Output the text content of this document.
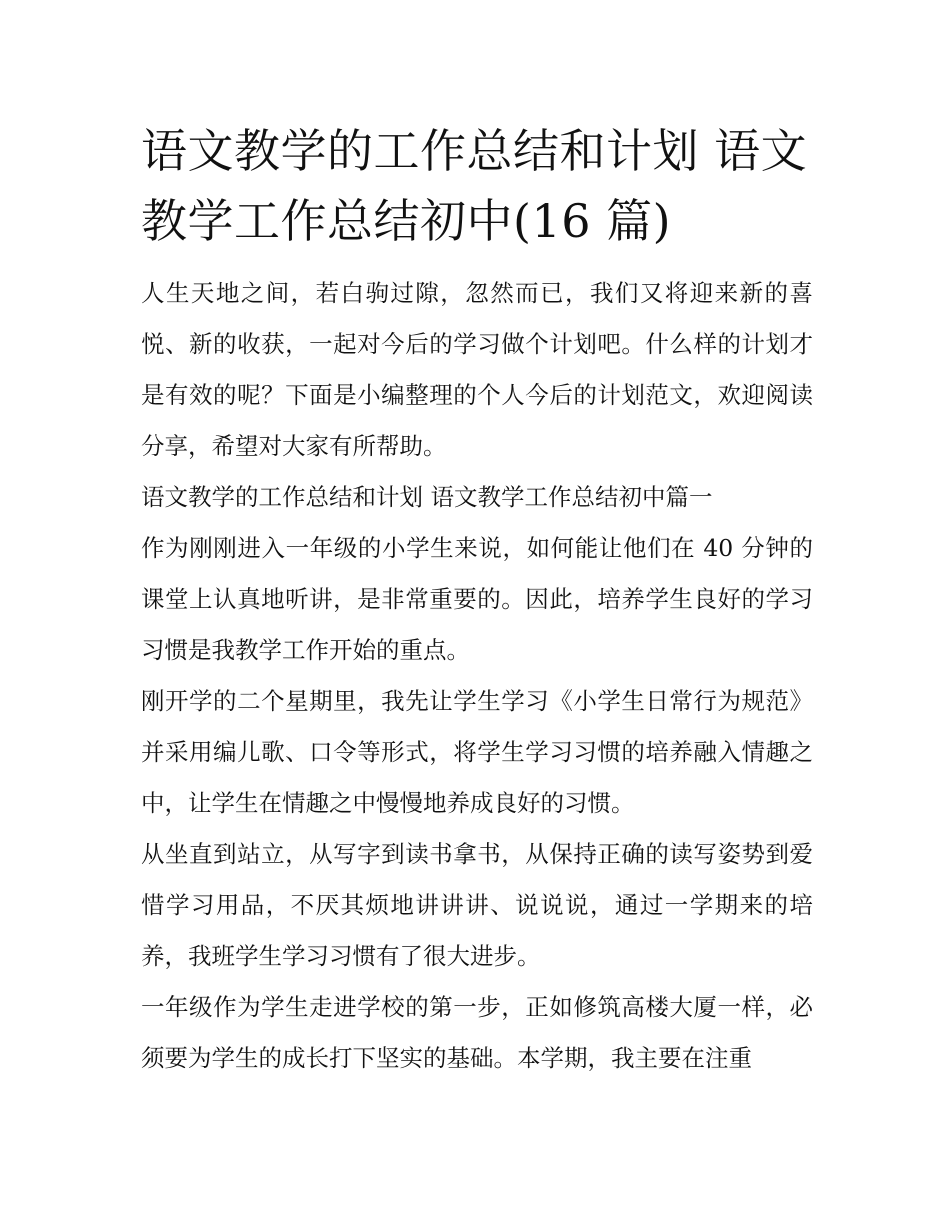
语文教学的工作总结和计划 语文教学工作总结初中(16 篇)

人生天地之间，若白驹过隙，忽然而已，我们又将迎来新的喜悦、新的收获，一起对今后的学习做个计划吧。什么样的计划才是有效的呢？下面是小编整理的个人今后的计划范文，欢迎阅读分享，希望对大家有所帮助。

语文教学的工作总结和计划 语文教学工作总结初中篇一

作为刚刚进入一年级的小学生来说，如何能让他们在 40 分钟的课堂上认真地听讲，是非常重要的。因此，培养学生良好的学习习惯是我教学工作开始的重点。

刚开学的二个星期里，我先让学生学习《小学生日常行为规范》并采用编儿歌、口令等形式，将学生学习习惯的培养融入情趣之中，让学生在情趣之中慢慢地养成良好的习惯。

从坐直到站立，从写字到读书拿书，从保持正确的读写姿势到爱惜学习用品，不厌其烦地讲讲讲、说说说，通过一学期来的培养，我班学生学习习惯有了很大进步。

一年级作为学生走进学校的第一步，正如修筑高楼大厦一样，必须要为学生的成长打下坚实的基础。本学期，我主要在注重
